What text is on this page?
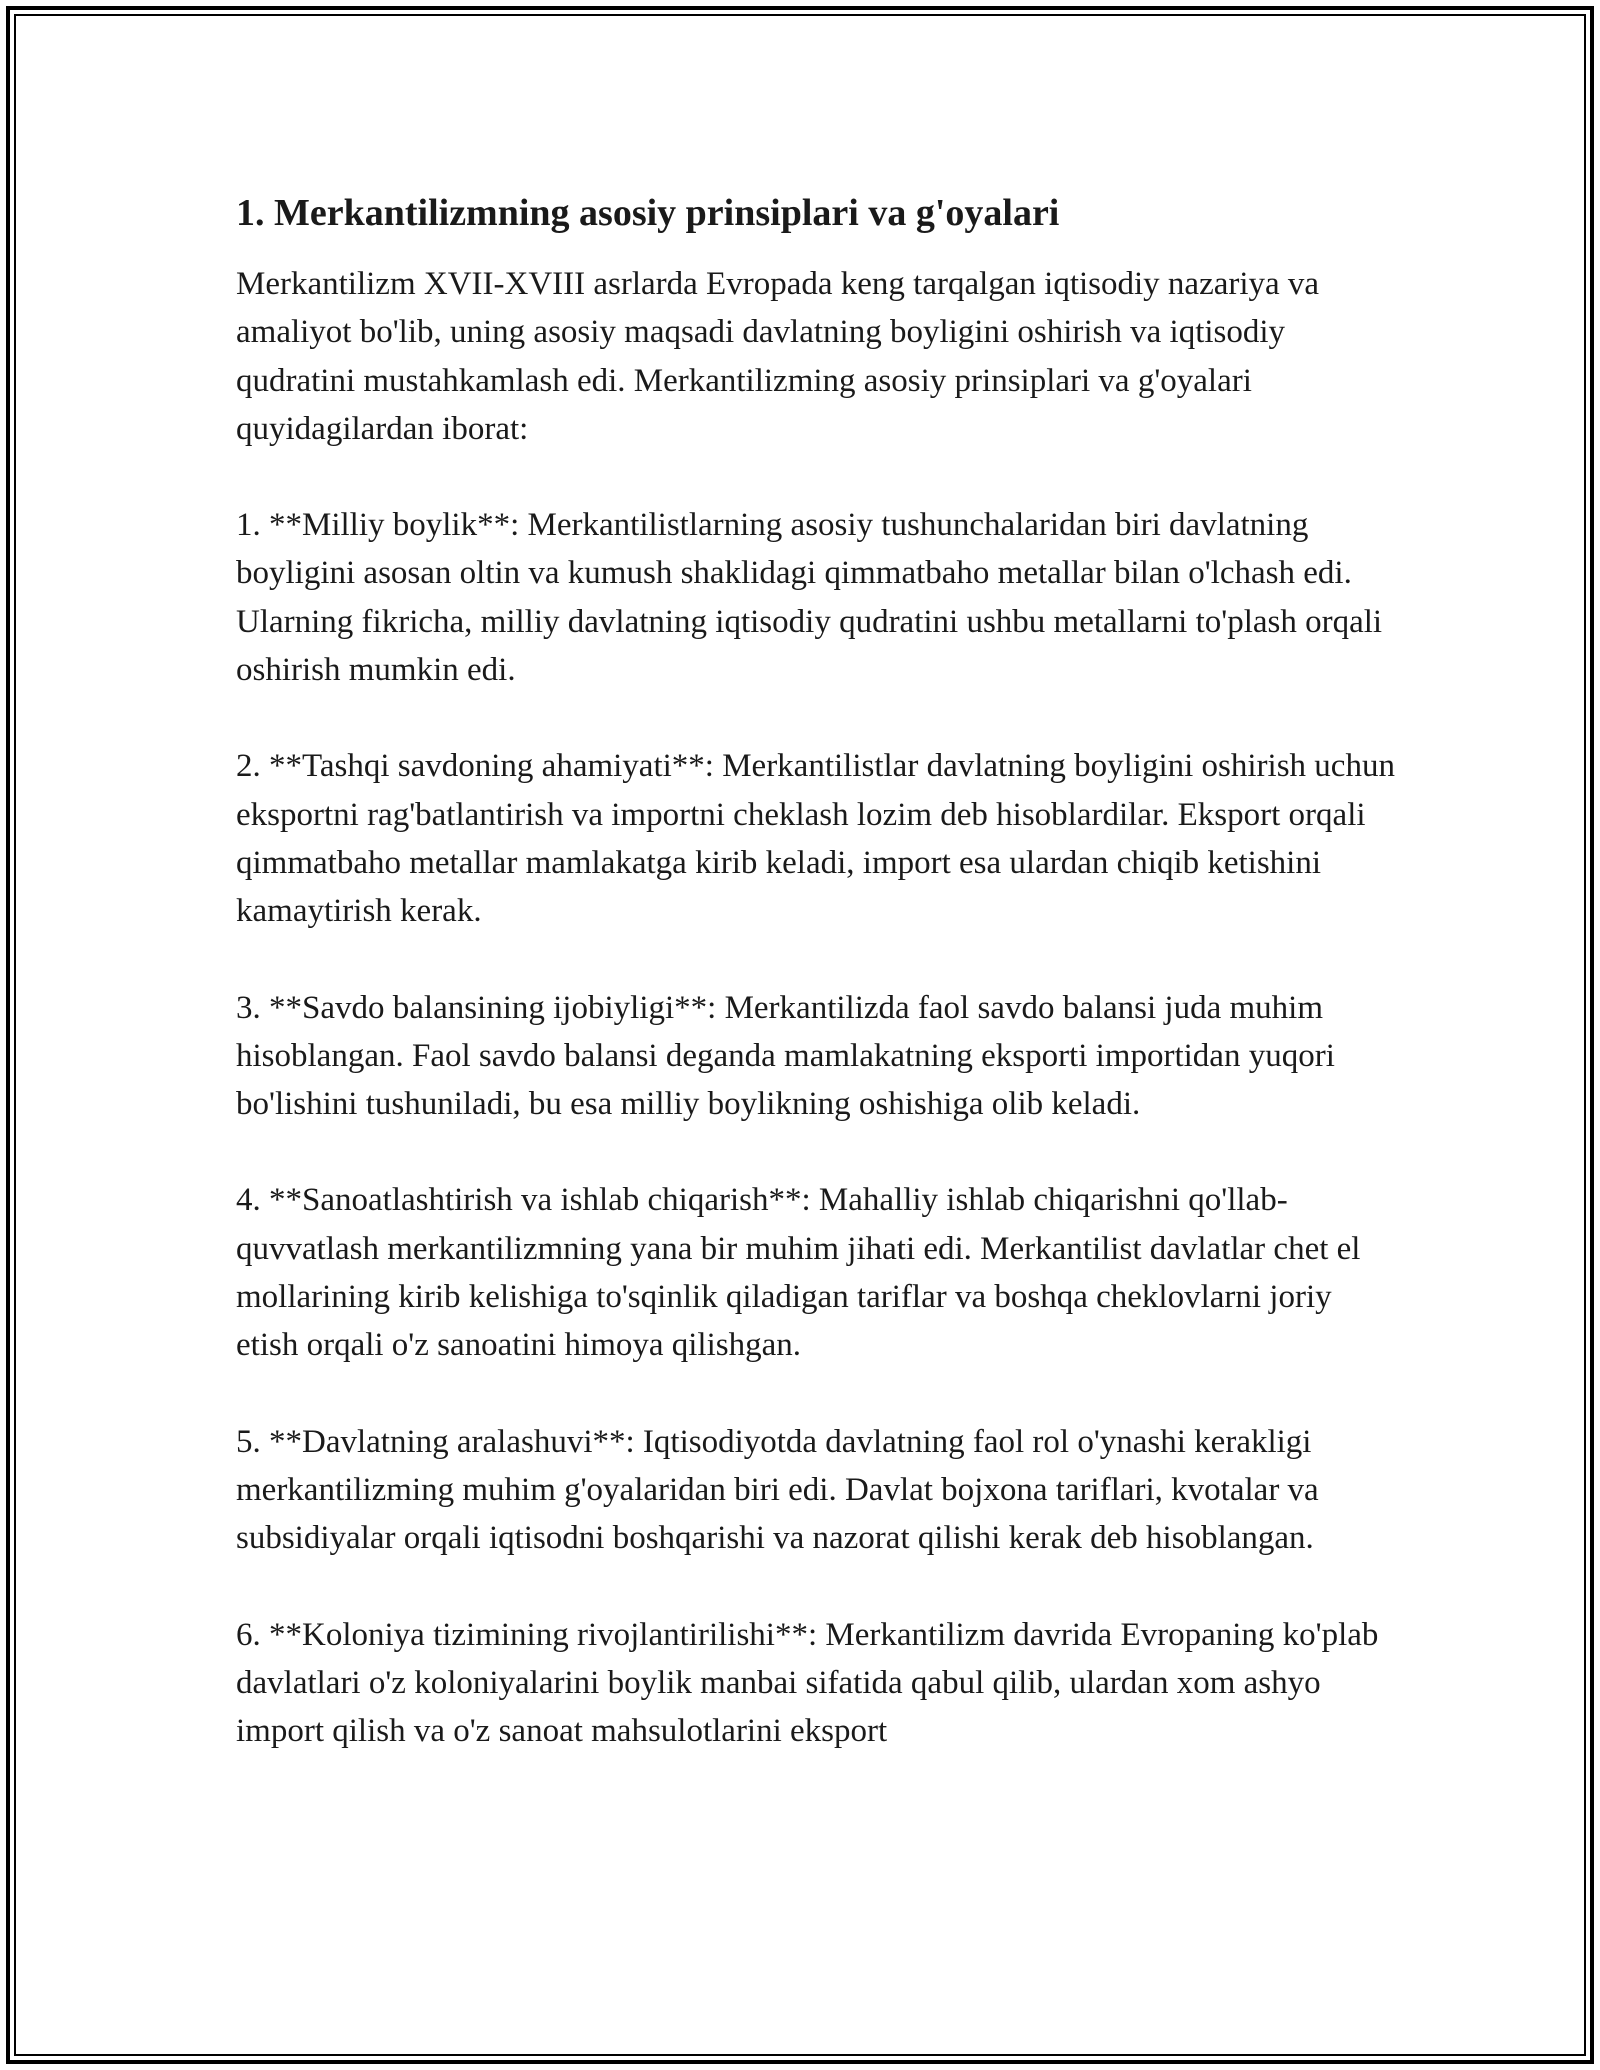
1. Merkantilizmning asosiy prinsiplari va g'oyalari

Merkantilizm XVII-XVIII asrlarda Evropada keng tarqalgan iqtisodiy nazariya va amaliyot bo'lib, uning asosiy maqsadi davlatning boyligini oshirish va iqtisodiy qudratini mustahkamlash edi. Merkantilizming asosiy prinsiplari va g'oyalari quyidagilardan iborat:

1. **Milliy boylik**: Merkantilistlarning asosiy tushunchalaridan biri davlatning boyligini asosan oltin va kumush shaklidagi qimmatbaho metallar bilan o'lchash edi. Ularning fikricha, milliy davlatning iqtisodiy qudratini ushbu metallarni to'plash orqali oshirish mumkin edi.

2. **Tashqi savdoning ahamiyati**: Merkantilistlar davlatning boyligini oshirish uchun eksportni rag'batlantirish va importni cheklash lozim deb hisoblardilar. Eksport orqali qimmatbaho metallar mamlakatga kirib keladi, import esa ulardan chiqib ketishini kamaytirish kerak.

3. **Savdo balansining ijobiyligi**: Merkantilizda faol savdo balansi juda muhim hisoblangan. Faol savdo balansi deganda mamlakatning eksporti importidan yuqori bo'lishini tushuniladi, bu esa milliy boylikning oshishiga olib keladi.

4. **Sanoatlashtirish va ishlab chiqarish**: Mahalliy ishlab chiqarishni qo'llab-quvvatlash merkantilizmning yana bir muhim jihati edi. Merkantilist davlatlar chet el mollarining kirib kelishiga to'sqinlik qiladigan tariflar va boshqa cheklovlarni joriy etish orqali o'z sanoatini himoya qilishgan.

5. **Davlatning aralashuvi**: Iqtisodiyotda davlatning faol rol o'ynashi kerakligi merkantilizming muhim g'oyalaridan biri edi. Davlat bojxona tariflari, kvotalar va subsidiyalar orqali iqtisodni boshqarishi va nazorat qilishi kerak deb hisoblangan.

6. **Koloniya tizimining rivojlantirilishi**: Merkantilizm davrida Evropaning ko'plab davlatlari o'z koloniyalarini boylik manbai sifatida qabul qilib, ulardan xom ashyo import qilish va o'z sanoat mahsulotlarini eksport
